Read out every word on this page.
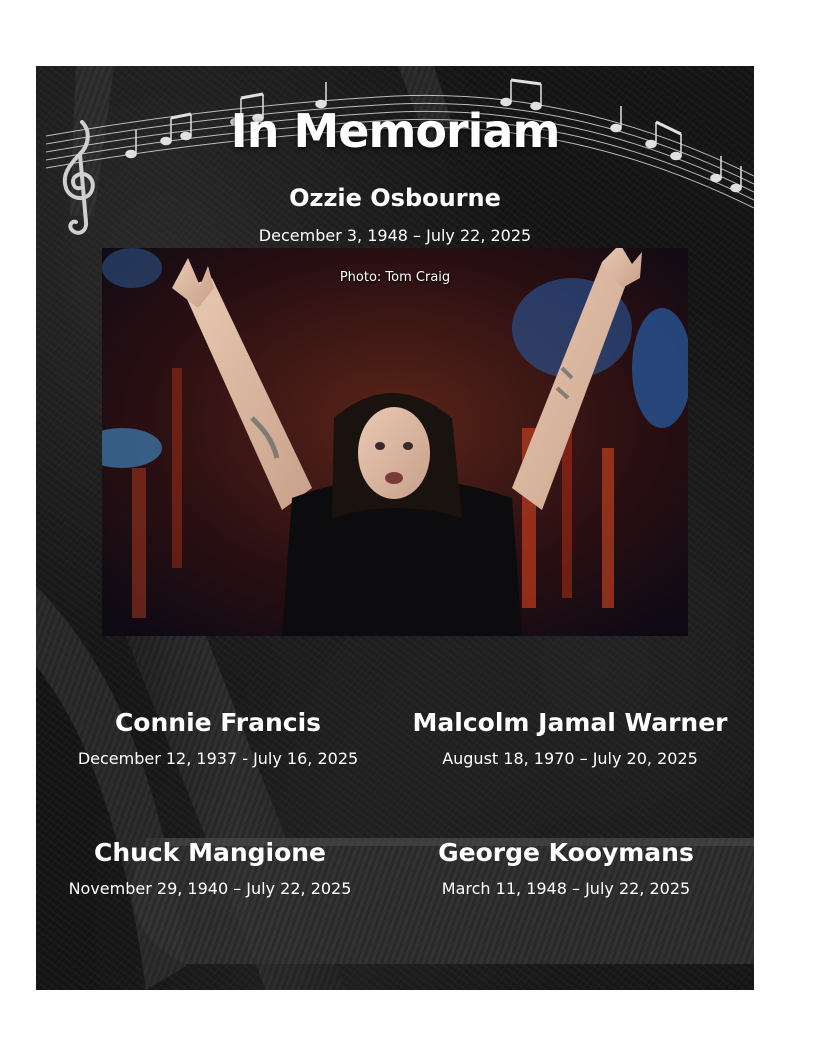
In Memoriam
Ozzie Osbourne
December 3, 1948 – July 22, 2025
Photo: Tom Craig
Connie Francis
December 12, 1937 - July 16, 2025
Malcolm Jamal Warner
August 18, 1970 – July 20, 2025
Chuck Mangione
November 29, 1940 – July 22, 2025
George Kooymans
March 11, 1948 – July 22, 2025
